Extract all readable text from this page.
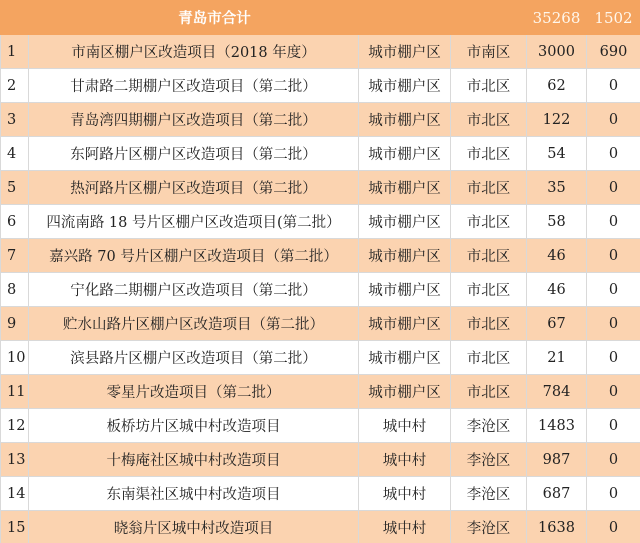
青岛市合计				35268	1502
1	市南区棚户区改造项目（2018 年度）	城市棚户区	市南区	3000	690
2	甘肃路二期棚户区改造项目（第二批）	城市棚户区	市北区	62	0
3	青岛湾四期棚户区改造项目（第二批）	城市棚户区	市北区	122	0
4	东阿路片区棚户区改造项目（第二批）	城市棚户区	市北区	54	0
5	热河路片区棚户区改造项目（第二批）	城市棚户区	市北区	35	0
6	四流南路 18 号片区棚户区改造项目(第二批）	城市棚户区	市北区	58	0
7	嘉兴路 70 号片区棚户区改造项目（第二批）	城市棚户区	市北区	46	0
8	宁化路二期棚户区改造项目（第二批）	城市棚户区	市北区	46	0
9	贮水山路片区棚户区改造项目（第二批）	城市棚户区	市北区	67	0
10	滨县路片区棚户区改造项目（第二批）	城市棚户区	市北区	21	0
11	零星片改造项目（第二批）	城市棚户区	市北区	784	0
12	板桥坊片区城中村改造项目	城中村	李沧区	1483	0
13	十梅庵社区城中村改造项目	城中村	李沧区	987	0
14	东南渠社区城中村改造项目	城中村	李沧区	687	0
15	晓翁片区城中村改造项目	城中村	李沧区	1638	0
